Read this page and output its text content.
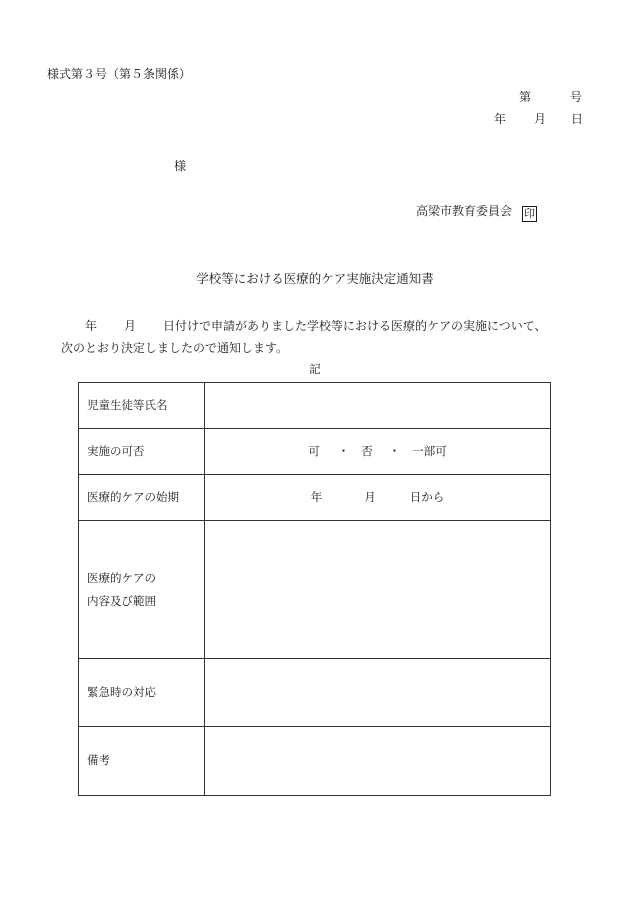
様式第３号（第５条関係）
第	号
年 月 日
様
高梁市教育委員会 印
学校等における医療的ケア実施決定通知書
年 月 日付けで申請がありました学校等における医療的ケアの実施について、
次のとおり決定しましたので通知します。
記
児童生徒等氏名	
実施の可否	可 ・ 否 ・ 一部可
医療的ケアの始期	年 月 日から
医療的ケアの
内容及び範囲	
緊急時の対応	
備考	
